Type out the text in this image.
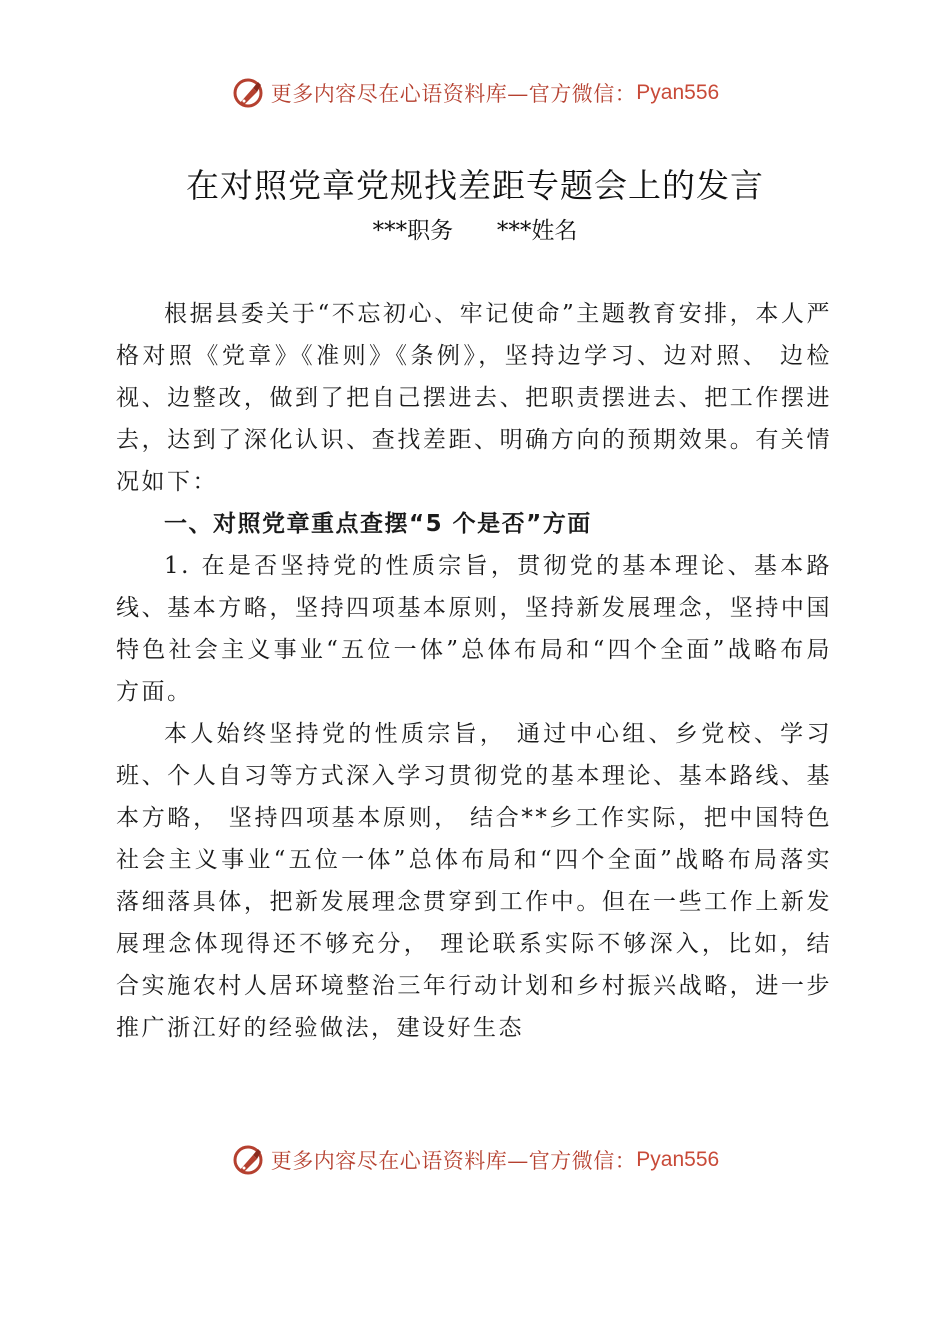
更多内容尽在心语资料库—官方微信： Pyan556
在对照党章党规找差距专题会上的发言
***职务      ***姓名

根据县委关于“不忘初心、牢记使命”主题教育安排，本人严格对照《党章》《准则》《条例》，坚持边学习、边对照、 边检视、边整改，做到了把自己摆进去、把职责摆进去、把工作摆进去，达到了深化认识、查找差距、明确方向的预期效果。有关情况如下：

一、对照党章重点查摆“5 个是否”方面

1. 在是否坚持党的性质宗旨，贯彻党的基本理论、基本路线、基本方略，坚持四项基本原则，坚持新发展理念，坚持中国特色社会主义事业“五位一体”总体布局和“四个全面”战略布局方面。

本人始终坚持党的性质宗旨， 通过中心组、乡党校、学习班、个人自习等方式深入学习贯彻党的基本理论、基本路线、基本方略， 坚持四项基本原则， 结合**乡工作实际，把中国特色社会主义事业“五位一体”总体布局和“四个全面”战略布局落实落细落具体，把新发展理念贯穿到工作中。但在一些工作上新发展理念体现得还不够充分， 理论联系实际不够深入，比如，结合实施农村人居环境整治三年行动计划和乡村振兴战略，进一步推广浙江好的经验做法，建设好生态

更多内容尽在心语资料库—官方微信： Pyan556
